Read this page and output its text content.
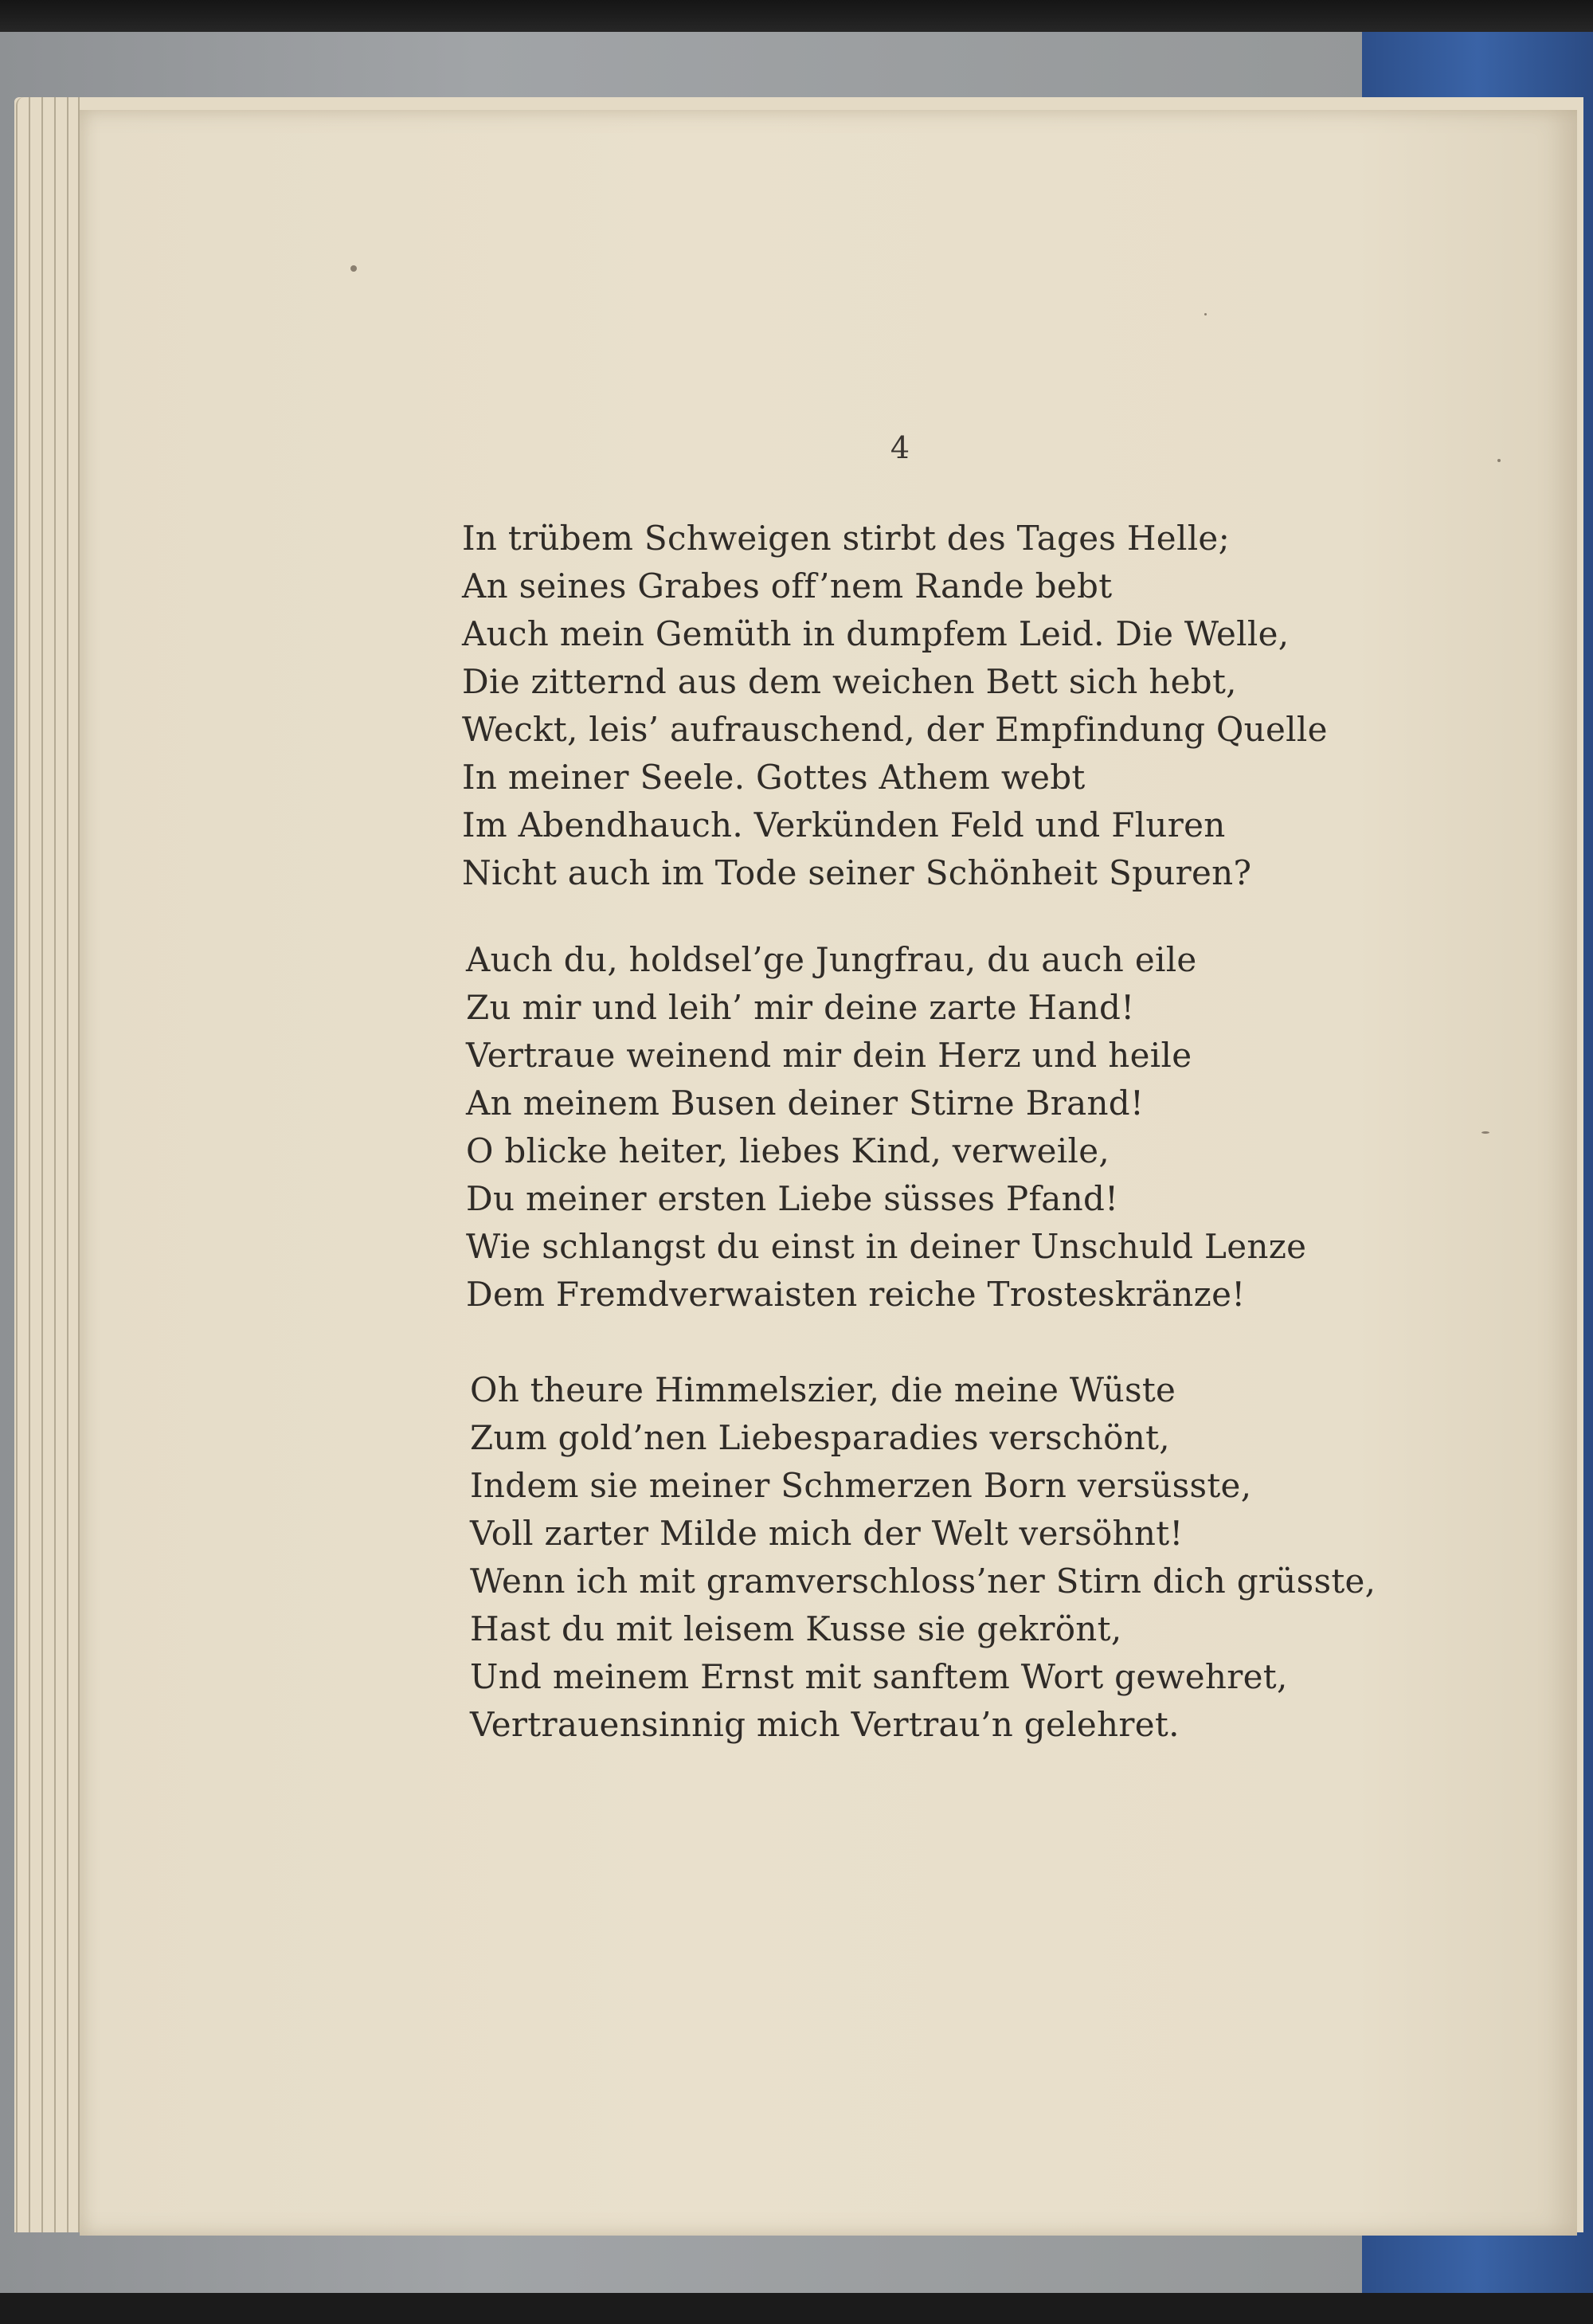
4
In trübem Schweigen stirbt des Tages Helle;
An seines Grabes off’nem Rande bebt
Auch mein Gemüth in dumpfem Leid. Die Welle,
Die zitternd aus dem weichen Bett sich hebt,
Weckt, leis’ aufrauschend, der Empfindung Quelle
In meiner Seele. Gottes Athem webt
Im Abendhauch. Verkünden Feld und Fluren
Nicht auch im Tode seiner Schönheit Spuren?
Auch du, holdsel’ge Jungfrau, du auch eile
Zu mir und leih’ mir deine zarte Hand!
Vertraue weinend mir dein Herz und heile
An meinem Busen deiner Stirne Brand!
O blicke heiter, liebes Kind, verweile,
Du meiner ersten Liebe süsses Pfand!
Wie schlangst du einst in deiner Unschuld Lenze
Dem Fremdverwaisten reiche Trosteskränze!
Oh theure Himmelszier, die meine Wüste
Zum gold’nen Liebesparadies verschönt,
Indem sie meiner Schmerzen Born versüsste,
Voll zarter Milde mich der Welt versöhnt!
Wenn ich mit gramverschloss’ner Stirn dich grüsste,
Hast du mit leisem Kusse sie gekrönt,
Und meinem Ernst mit sanftem Wort gewehret,
Vertrauensinnig mich Vertrau’n gelehret.
